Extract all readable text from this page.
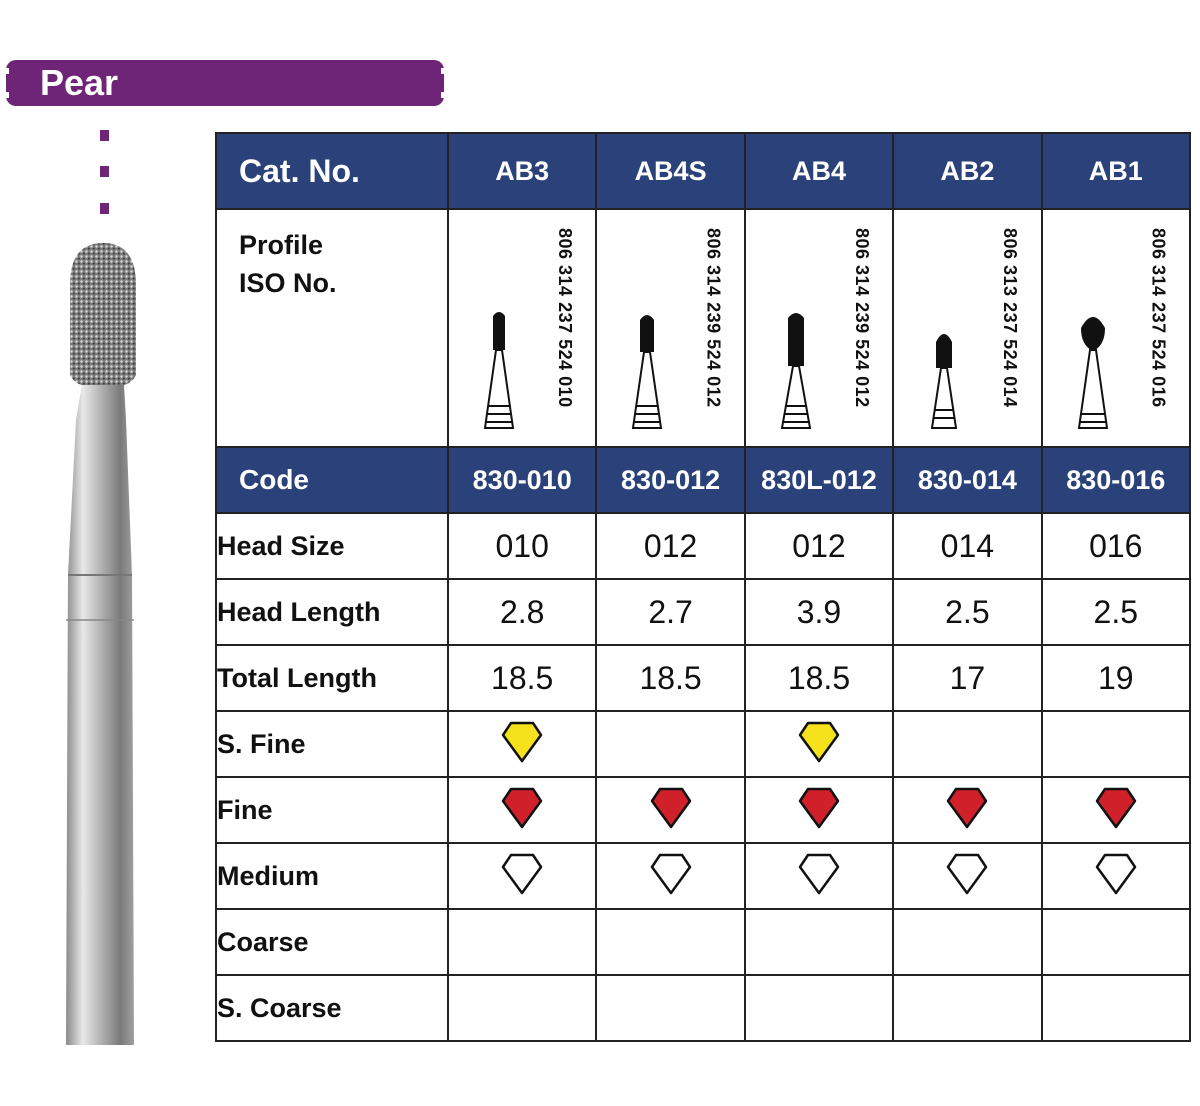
Pear
Cat. No.	AB3	AB4S	AB4	AB2	AB1

Profile
ISO No.	806 314 237 524 010	806 314 239 524 012	806 314 239 524 012	806 313 237 524 014	806 314 237 524 016

Code	830-010	830-012	830L-012	830-014	830-016
Head Size	010	012	012	014	016
Head Length	2.8	2.7	3.9	2.5	2.5
Total Length	18.5	18.5	18.5	17	19
S. Fine					
Fine					
Medium					
Coarse					
S. Coarse					
